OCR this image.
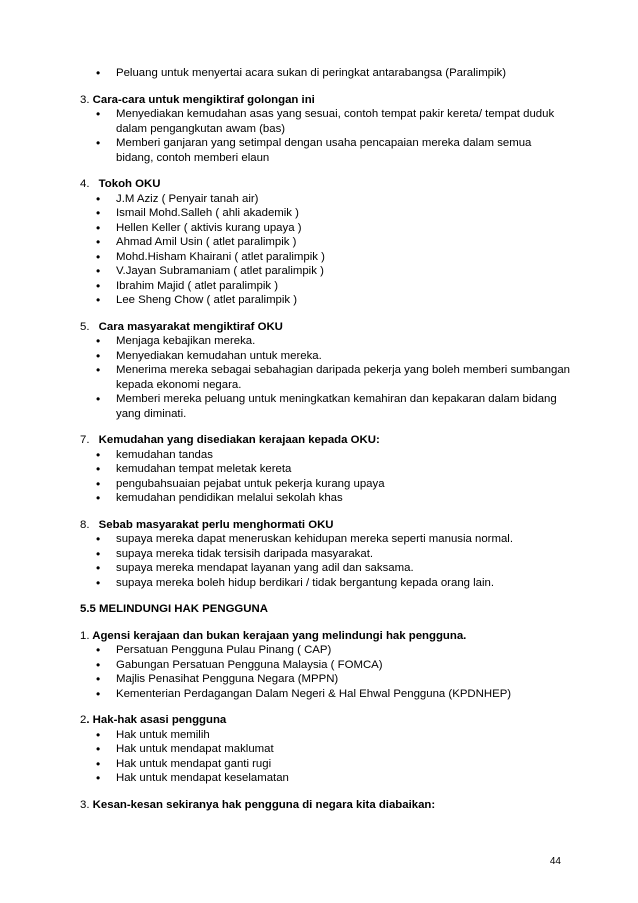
• Peluang untuk menyertai acara sukan di peringkat antarabangsa (Paralimpik)
3. Cara-cara untuk mengiktiraf golongan ini
• Menyediakan kemudahan asas yang sesuai, contoh tempat pakir kereta/ tempat duduk dalam pengangkutan awam (bas)
• Memberi ganjaran yang setimpal dengan usaha pencapaian mereka dalam semua bidang, contoh memberi elaun
4. Tokoh OKU
• J.M Aziz ( Penyair tanah air)
• Ismail Mohd.Salleh ( ahli akademik )
• Hellen Keller ( aktivis kurang upaya )
• Ahmad Amil Usin ( atlet paralimpik )
• Mohd.Hisham Khairani ( atlet paralimpik )
• V.Jayan Subramaniam ( atlet paralimpik )
• Ibrahim Majid ( atlet paralimpik )
• Lee Sheng Chow ( atlet paralimpik )
5. Cara masyarakat mengiktiraf OKU
• Menjaga kebajikan mereka.
• Menyediakan kemudahan untuk mereka.
• Menerima mereka sebagai sebahagian daripada pekerja yang boleh memberi sumbangan kepada ekonomi negara.
• Memberi mereka peluang untuk meningkatkan kemahiran dan kepakaran dalam bidang yang diminati.
7. Kemudahan yang disediakan kerajaan kepada OKU:
• kemudahan tandas
• kemudahan tempat meletak kereta
• pengubahsuaian pejabat untuk pekerja kurang upaya
• kemudahan pendidikan melalui sekolah khas
8. Sebab masyarakat perlu menghormati OKU
• supaya mereka dapat meneruskan kehidupan mereka seperti manusia normal.
• supaya mereka tidak tersisih daripada masyarakat.
• supaya mereka mendapat layanan yang adil dan saksama.
• supaya mereka boleh hidup berdikari / tidak bergantung kepada orang lain.
5.5 MELINDUNGI HAK PENGGUNA
1. Agensi kerajaan dan bukan kerajaan yang melindungi hak pengguna.
• Persatuan Pengguna Pulau Pinang ( CAP)
• Gabungan Persatuan Pengguna Malaysia ( FOMCA)
• Majlis Penasihat Pengguna Negara (MPPN)
• Kementerian Perdagangan Dalam Negeri & Hal Ehwal Pengguna (KPDNHEP)
2. Hak-hak asasi pengguna
• Hak untuk memilih
• Hak untuk mendapat maklumat
• Hak untuk mendapat ganti rugi
• Hak untuk mendapat keselamatan
3. Kesan-kesan sekiranya hak pengguna di negara kita diabaikan:
44
